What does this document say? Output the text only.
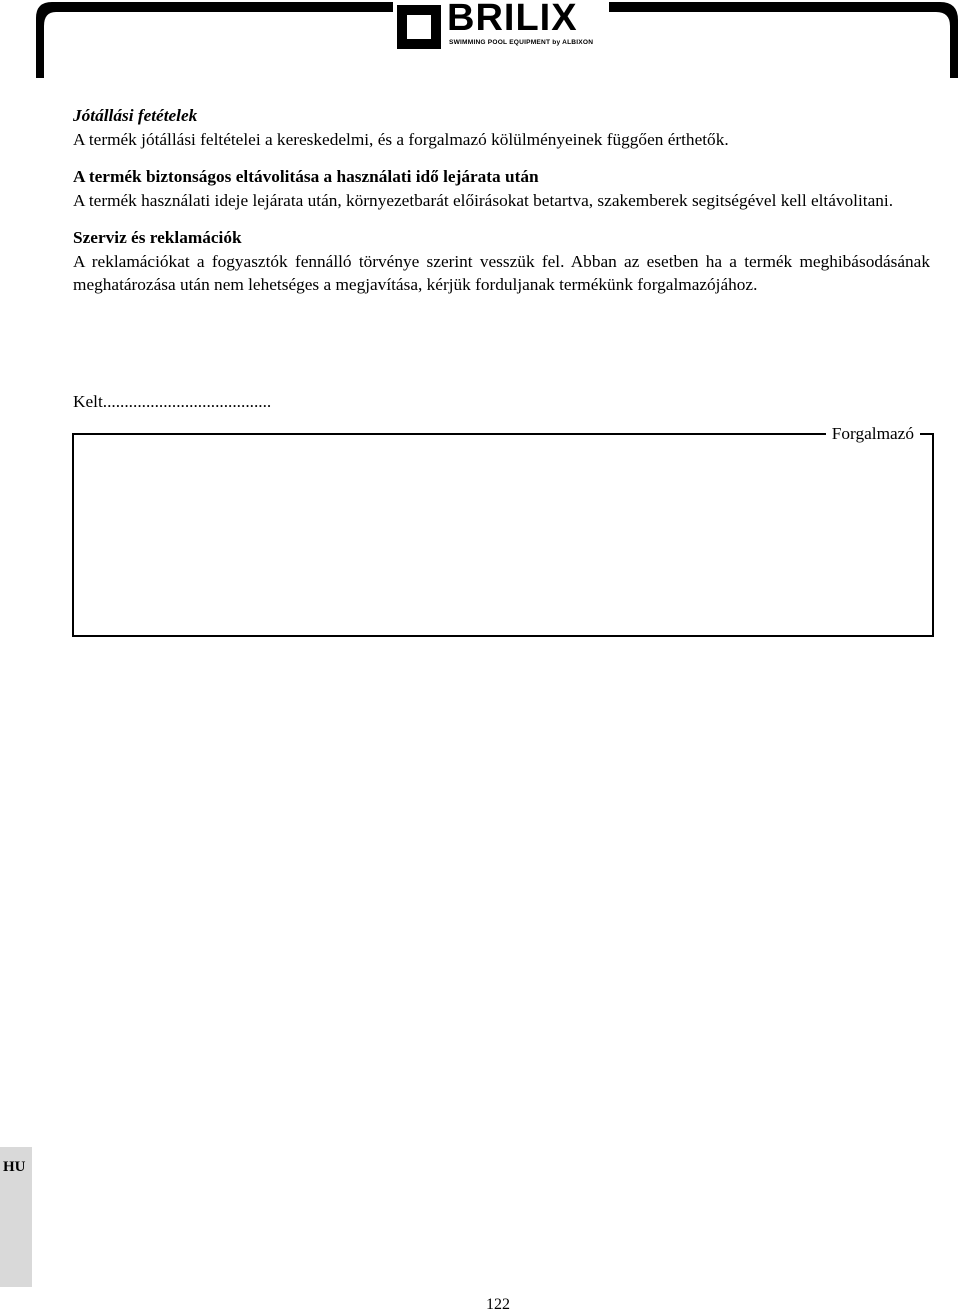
BRILIX
SWIMMING POOL EQUIPMENT by ALBIXON
Jótállási fetételek

A termék jótállási feltételei a kereskedelmi, és a forgalmazó kölülményeinek függően érthetők.

A termék biztonságos eltávolitása a használati idő lejárata után

A termék használati ideje lejárata után, környezetbarát előirásokat betartva, szakemberek segitségével kell eltávolitani.

Szerviz és reklamációk

A reklamációkat a fogyasztók fennálló törvénye szerint vesszük fel. Abban az esetben ha a termék meghibásodásának meghatározása után nem lehetséges a megjavítása, kérjük forduljanak termékünk forgalmazójához.

Kelt.......................................
Forgalmazó
HU
122
